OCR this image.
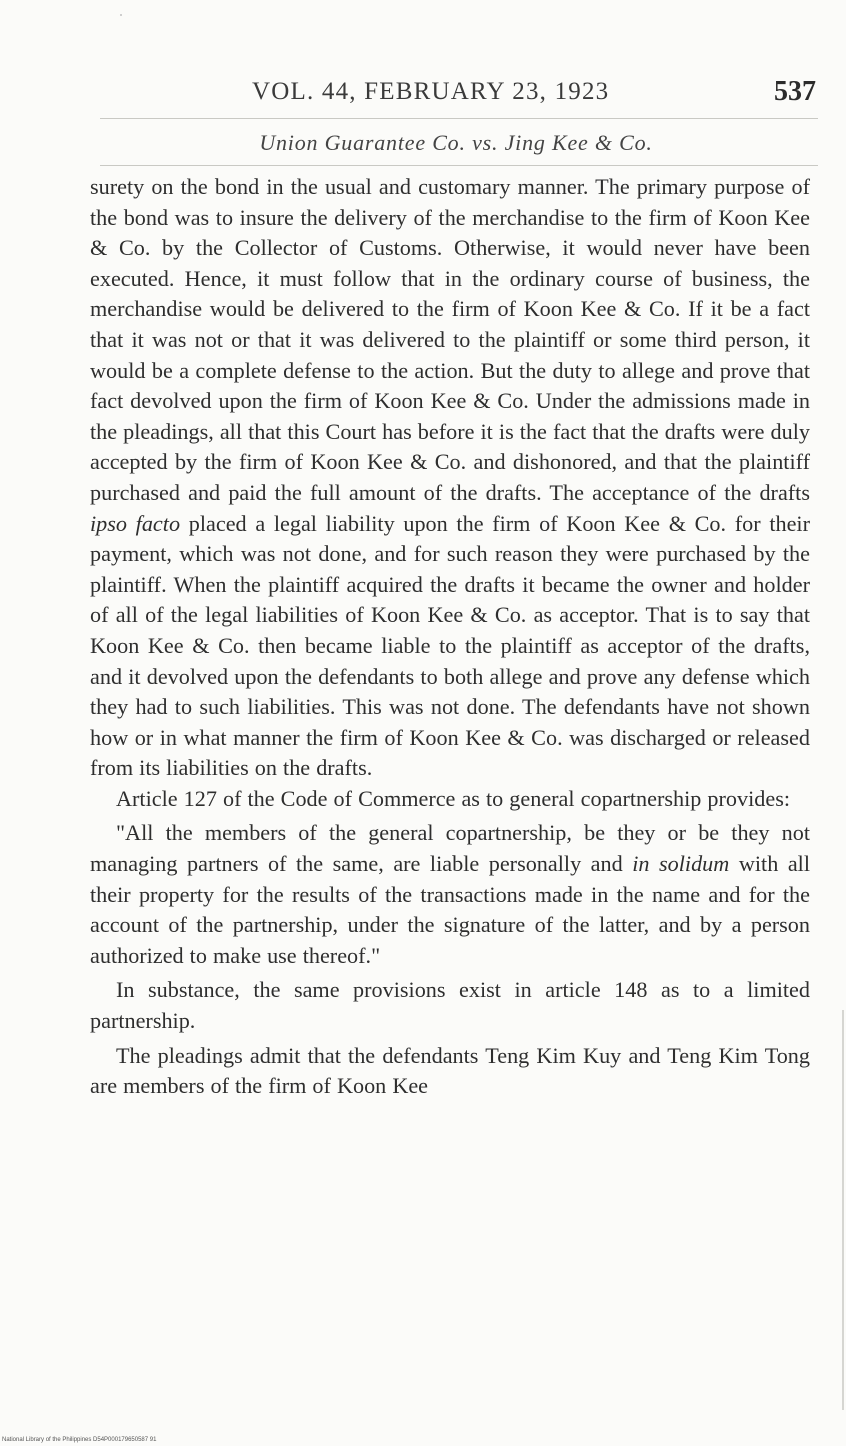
VOL. 44, FEBRUARY 23, 1923	537
Union Guarantee Co. vs. Jing Kee & Co.

surety on the bond in the usual and customary manner. The primary purpose of the bond was to insure the delivery of the merchandise to the firm of Koon Kee & Co. by the Collector of Customs. Otherwise, it would never have been executed. Hence, it must follow that in the ordinary course of business, the merchandise would be delivered to the firm of Koon Kee & Co. If it be a fact that it was not or that it was delivered to the plaintiff or some third person, it would be a complete defense to the action. But the duty to allege and prove that fact devolved upon the firm of Koon Kee & Co. Under the admissions made in the pleadings, all that this Court has before it is the fact that the drafts were duly accepted by the firm of Koon Kee & Co. and dishonored, and that the plaintiff purchased and paid the full amount of the drafts. The acceptance of the drafts ipso facto placed a legal liability upon the firm of Koon Kee & Co. for their payment, which was not done, and for such reason they were purchased by the plaintiff. When the plaintiff acquired the drafts it became the owner and holder of all of the legal liabilities of Koon Kee & Co. as acceptor. That is to say that Koon Kee & Co. then became liable to the plaintiff as acceptor of the drafts, and it devolved upon the defendants to both allege and prove any defense which they had to such liabilities. This was not done. The defendants have not shown how or in what manner the firm of Koon Kee & Co. was discharged or released from its liabilities on the drafts.

Article 127 of the Code of Commerce as to general copartnership provides:

"All the members of the general copartnership, be they or be they not managing partners of the same, are liable personally and in solidum with all their property for the results of the transactions made in the name and for the account of the partnership, under the signature of the latter, and by a person authorized to make use thereof."

In substance, the same provisions exist in article 148 as to a limited partnership.

The pleadings admit that the defendants Teng Kim Kuy and Teng Kim Tong are members of the firm of Koon Kee

National Library of the Philippines D54P000179650587 91
